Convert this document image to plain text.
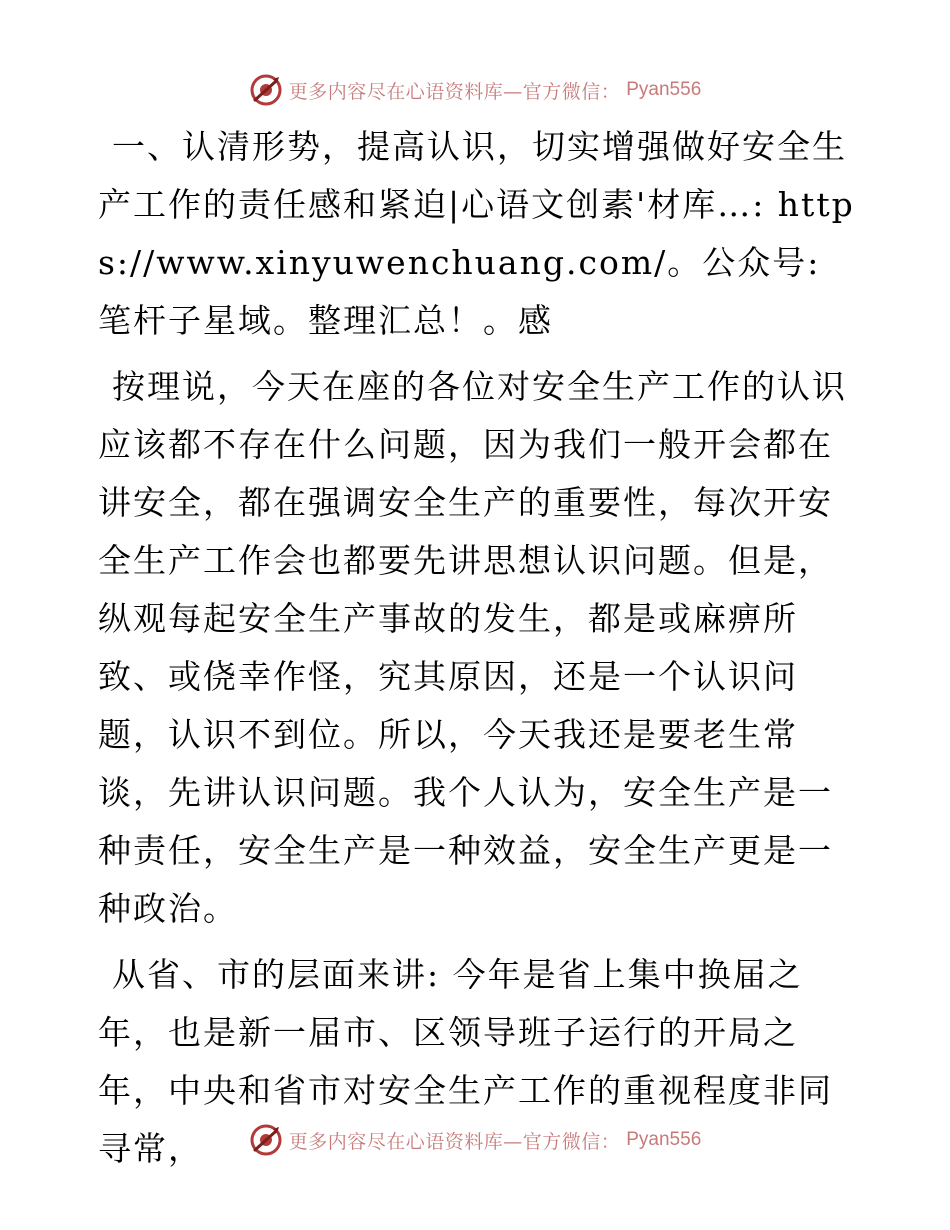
更多内容尽在心语资料库—官方微信： Pyan556

一、认清形势，提高认识，切实增强做好安全生产工作的责任感和紧迫|心语文创素'材库…: https://www.xinyuwenchuang.com/。公众号: 笔杆子星域。整理汇总！。感

按理说，今天在座的各位对安全生产工作的认识应该都不存在什么问题，因为我们一般开会都在讲安全，都在强调安全生产的重要性，每次开安全生产工作会也都要先讲思想认识问题。但是，纵观每起安全生产事故的发生，都是或麻痹所致、或侥幸作怪，究其原因，还是一个认识问题，认识不到位。所以，今天我还是要老生常谈，先讲认识问题。我个人认为，安全生产是一种责任，安全生产是一种效益，安全生产更是一种政治。

从省、市的层面来讲: 今年是省上集中换届之年，也是新一届市、区领导班子运行的开局之年，中央和省市对安全生产工作的重视程度非同寻常，	更多内容尽在心语资料库—官方微信： Pyan556
